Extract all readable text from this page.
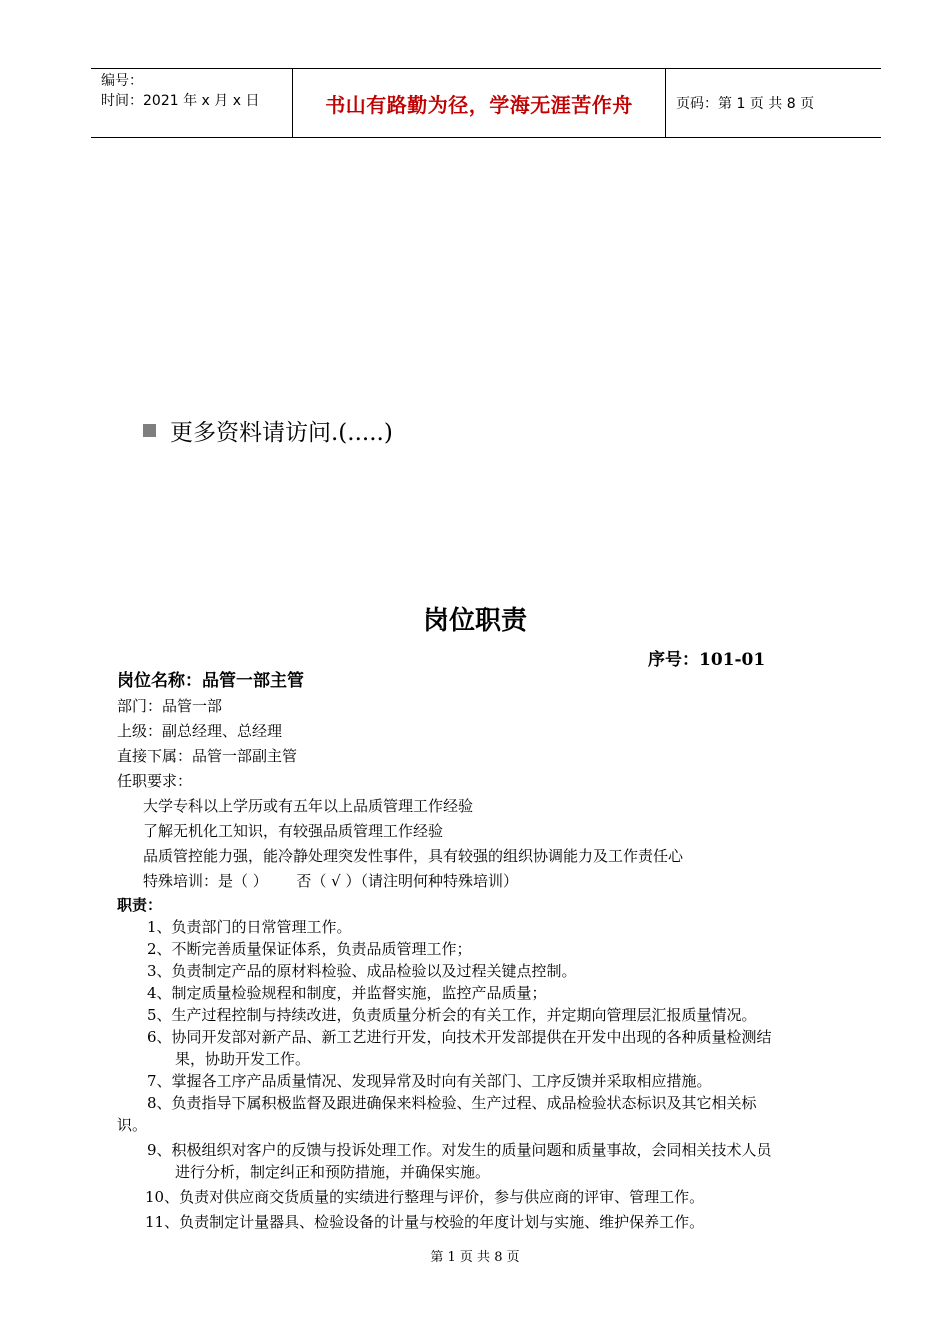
编号：
时间：2021 年 x 月 x 日	书山有路勤为径，学海无涯苦作舟	页码：第 1 页 共 8 页
更多资料请访问.(.....)
岗位职责
序号：101-01
岗位名称：品管一部主管
部门：品管一部
上级：副总经理、总经理
直接下属：品管一部副主管
任职要求：
大学专科以上学历或有五年以上品质管理工作经验
了解无机化工知识，有较强品质管理工作经验
品质管控能力强，能冷静处理突发性事件，具有较强的组织协调能力及工作责任心
特殊培训：是（ ）      否（ √ ）（请注明何种特殊培训）
职责：
1、 负责部门的日常管理工作。
2、 不断完善质量保证体系，负责品质管理工作；
3、 负责制定产品的原材料检验、成品检验以及过程关键点控制。
4、 制定质量检验规程和制度，并监督实施，监控产品质量；
5、 生产过程控制与持续改进，负责质量分析会的有关工作，并定期向管理层汇报质量情况。
6、 协同开发部对新产品、新工艺进行开发，向技术开发部提供在开发中出现的各种质量检测结
果，协助开发工作。
7、 掌握各工序产品质量情况、发现异常及时向有关部门、工序反馈并采取相应措施。
8、 负责指导下属积极监督及跟进确保来料检验、生产过程、成品检验状态标识及其它相关标
识。
9、 积极组织对客户的反馈与投诉处理工作。对发生的质量问题和质量事故，会同相关技术人员
进行分析，制定纠正和预防措施，并确保实施。
10、 负责对供应商交货质量的实绩进行整理与评价，参与供应商的评审、管理工作。
11、 负责制定计量器具、检验设备的计量与校验的年度计划与实施、维护保养工作。
第 1 页 共 8 页
